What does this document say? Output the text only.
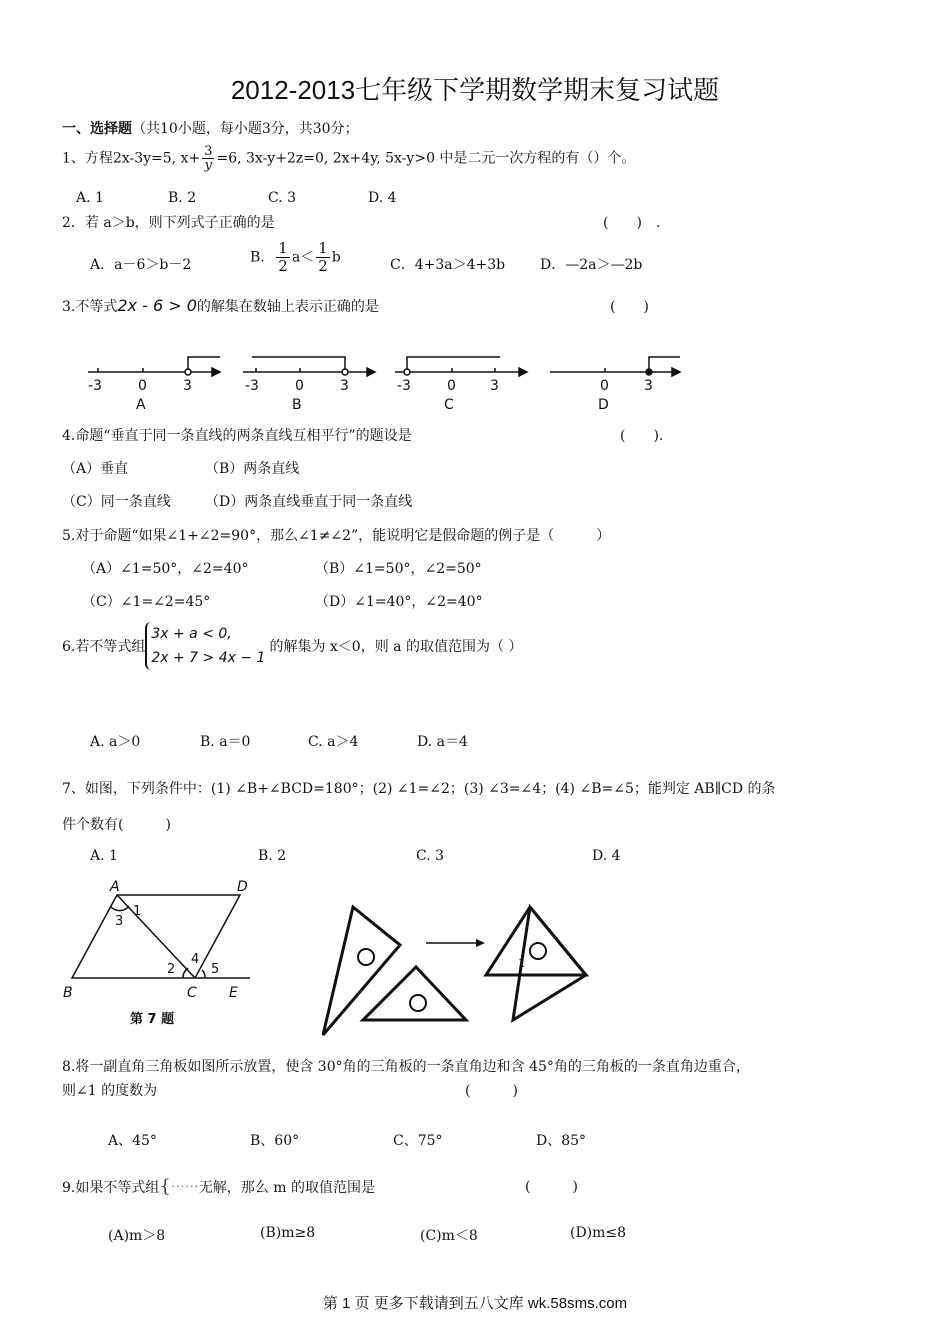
2012-2013七年级下学期数学期末复习试题
一、选择题（共10小题，每小题3分，共30分；
1、方程2x-3y=5, $x+ \frac{3}{y} =6$, 3x-y+2z=0, 2x+4y, 5x-y>0 中是二元一次方程的有（）个。
A. 1	B. 2	C. 3	D. 4
2．若 a＞b，则下列式子正确的是	(　　)　.
A．a－6＞b－2	B． $\frac{1}{2} a< \frac{1}{2}$ b	C．4+3a＞4+3b D．—2a＞—2b
3.不等式2x - 6 > 0的解集在数轴上表示正确的是	(　　)
-3	0	3
A
-3	0	3
B
-3	0 3
C
0	3
D
4.命题“垂直于同一条直线的两条直线互相平行”的题设是	(　　).
（A）垂直	（B）两条直线
（C）同一条直线 （D）两条直线垂直于同一条直线
5.对于命题“如果∠1+∠2=90°，那么∠1≠∠2”，能说明它是假命题的例子是（　　　）
（A）∠1=50°，∠2=40°	（B）∠1=50°，∠2=50°
（C）∠1=∠2=45°	（D）∠1=40°，∠2=40°
6.若不等式组
3x + a < 0,
2x + 7 > 4x − 1
的解集为 x＜0，则 a 的取值范围为（ ）
A. a＞0	B. a＝0	C. a＞4	D. a＝4
7、如图，下列条件中：(1) ∠B+∠BCD=180°；(2) ∠1=∠2；(3) ∠3=∠4；(4) ∠B=∠5；能判定 AB∥CD 的条
件个数有(　　　)
A. 1	B. 2	C. 3	D. 4
A	D
B	C E
1
2
3
4
5
第 7 题
1
8.将一副直角三角板如图所示放置，使含 30°角的三角板的一条直角边和含 45°角的三角板的一条直角边重合，
则∠1 的度数为	(　　　)
A、45°	B、60°	C、75°	D、85°
9.如果不等式组{⋯⋯无解，那么 m 的取值范围是	(　　　)
(A)m＞8	(B)m≥8	(C)m＜8	(D)m≤8
第 1 页 更多下载请到五八文库 wk.58sms.com
